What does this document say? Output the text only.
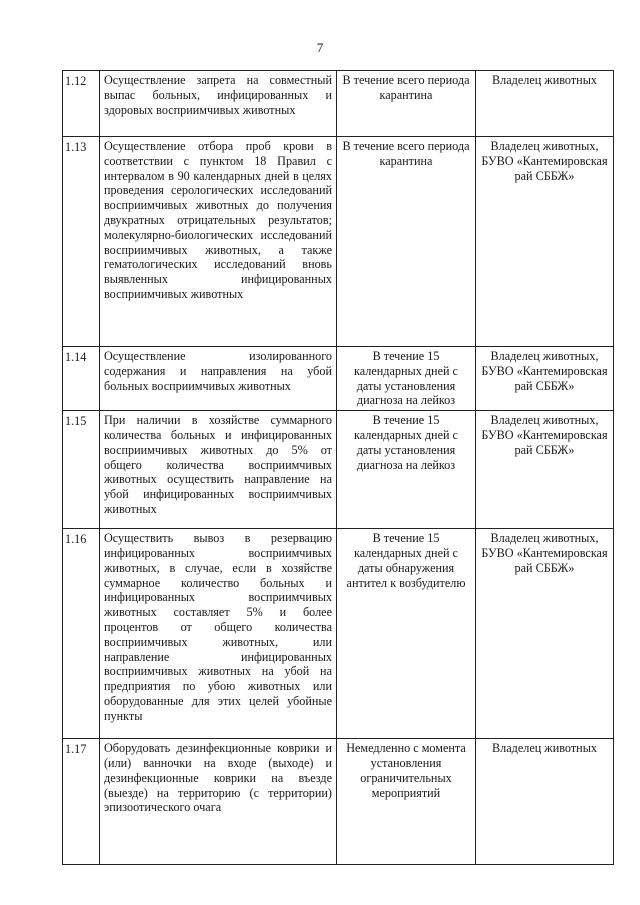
7
1.12	Осуществление запрета на совместный выпас больных, инфицированных и здоровых восприимчивых животных	В течение всего периода карантина	Владелец животных
1.13	Осуществление отбора проб крови в соответствии с пунктом 18 Правил с интервалом в 90 календарных дней в целях проведения серологических исследований восприимчивых животных до получения двукратных отрицательных результатов; молекулярно-биологических исследований восприимчивых животных, а также гематологических исследований вновь выявленных инфицированных восприимчивых животных	В течение всего периода карантина	Владелец животных, БУВО «Кантемировская рай СББЖ»
1.14	Осуществление изолированного содержания и направления на убой больных восприимчивых животных	В течение 15 календарных дней с даты установления диагноза на лейкоз	Владелец животных, БУВО «Кантемировская рай СББЖ»
1.15	При наличии в хозяйстве суммарного количества больных и инфицированных восприимчивых животных до 5% от общего количества восприимчивых животных осуществить направление на убой инфицированных восприимчивых животных	В течение 15 календарных дней с даты установления диагноза на лейкоз	Владелец животных, БУВО «Кантемировская рай СББЖ»
1.16	Осуществить вывоз в резервацию инфицированных восприимчивых животных, в случае, если в хозяйстве суммарное количество больных и инфицированных восприимчивых животных составляет 5% и более процентов от общего количества восприимчивых животных, или направление инфицированных восприимчивых животных на убой на предприятия по убою животных или оборудованные для этих целей убойные пункты	В течение 15 календарных дней с даты обнаружения антител к возбудителю	Владелец животных, БУВО «Кантемировская рай СББЖ»
1.17	Оборудовать дезинфекционные коврики и (или) ванночки на входе (выходе) и дезинфекционные коврики на въезде (выезде) на территорию (с территории) эпизоотического очага	Немедленно с момента установления ограничительных мероприятий	Владелец животных
